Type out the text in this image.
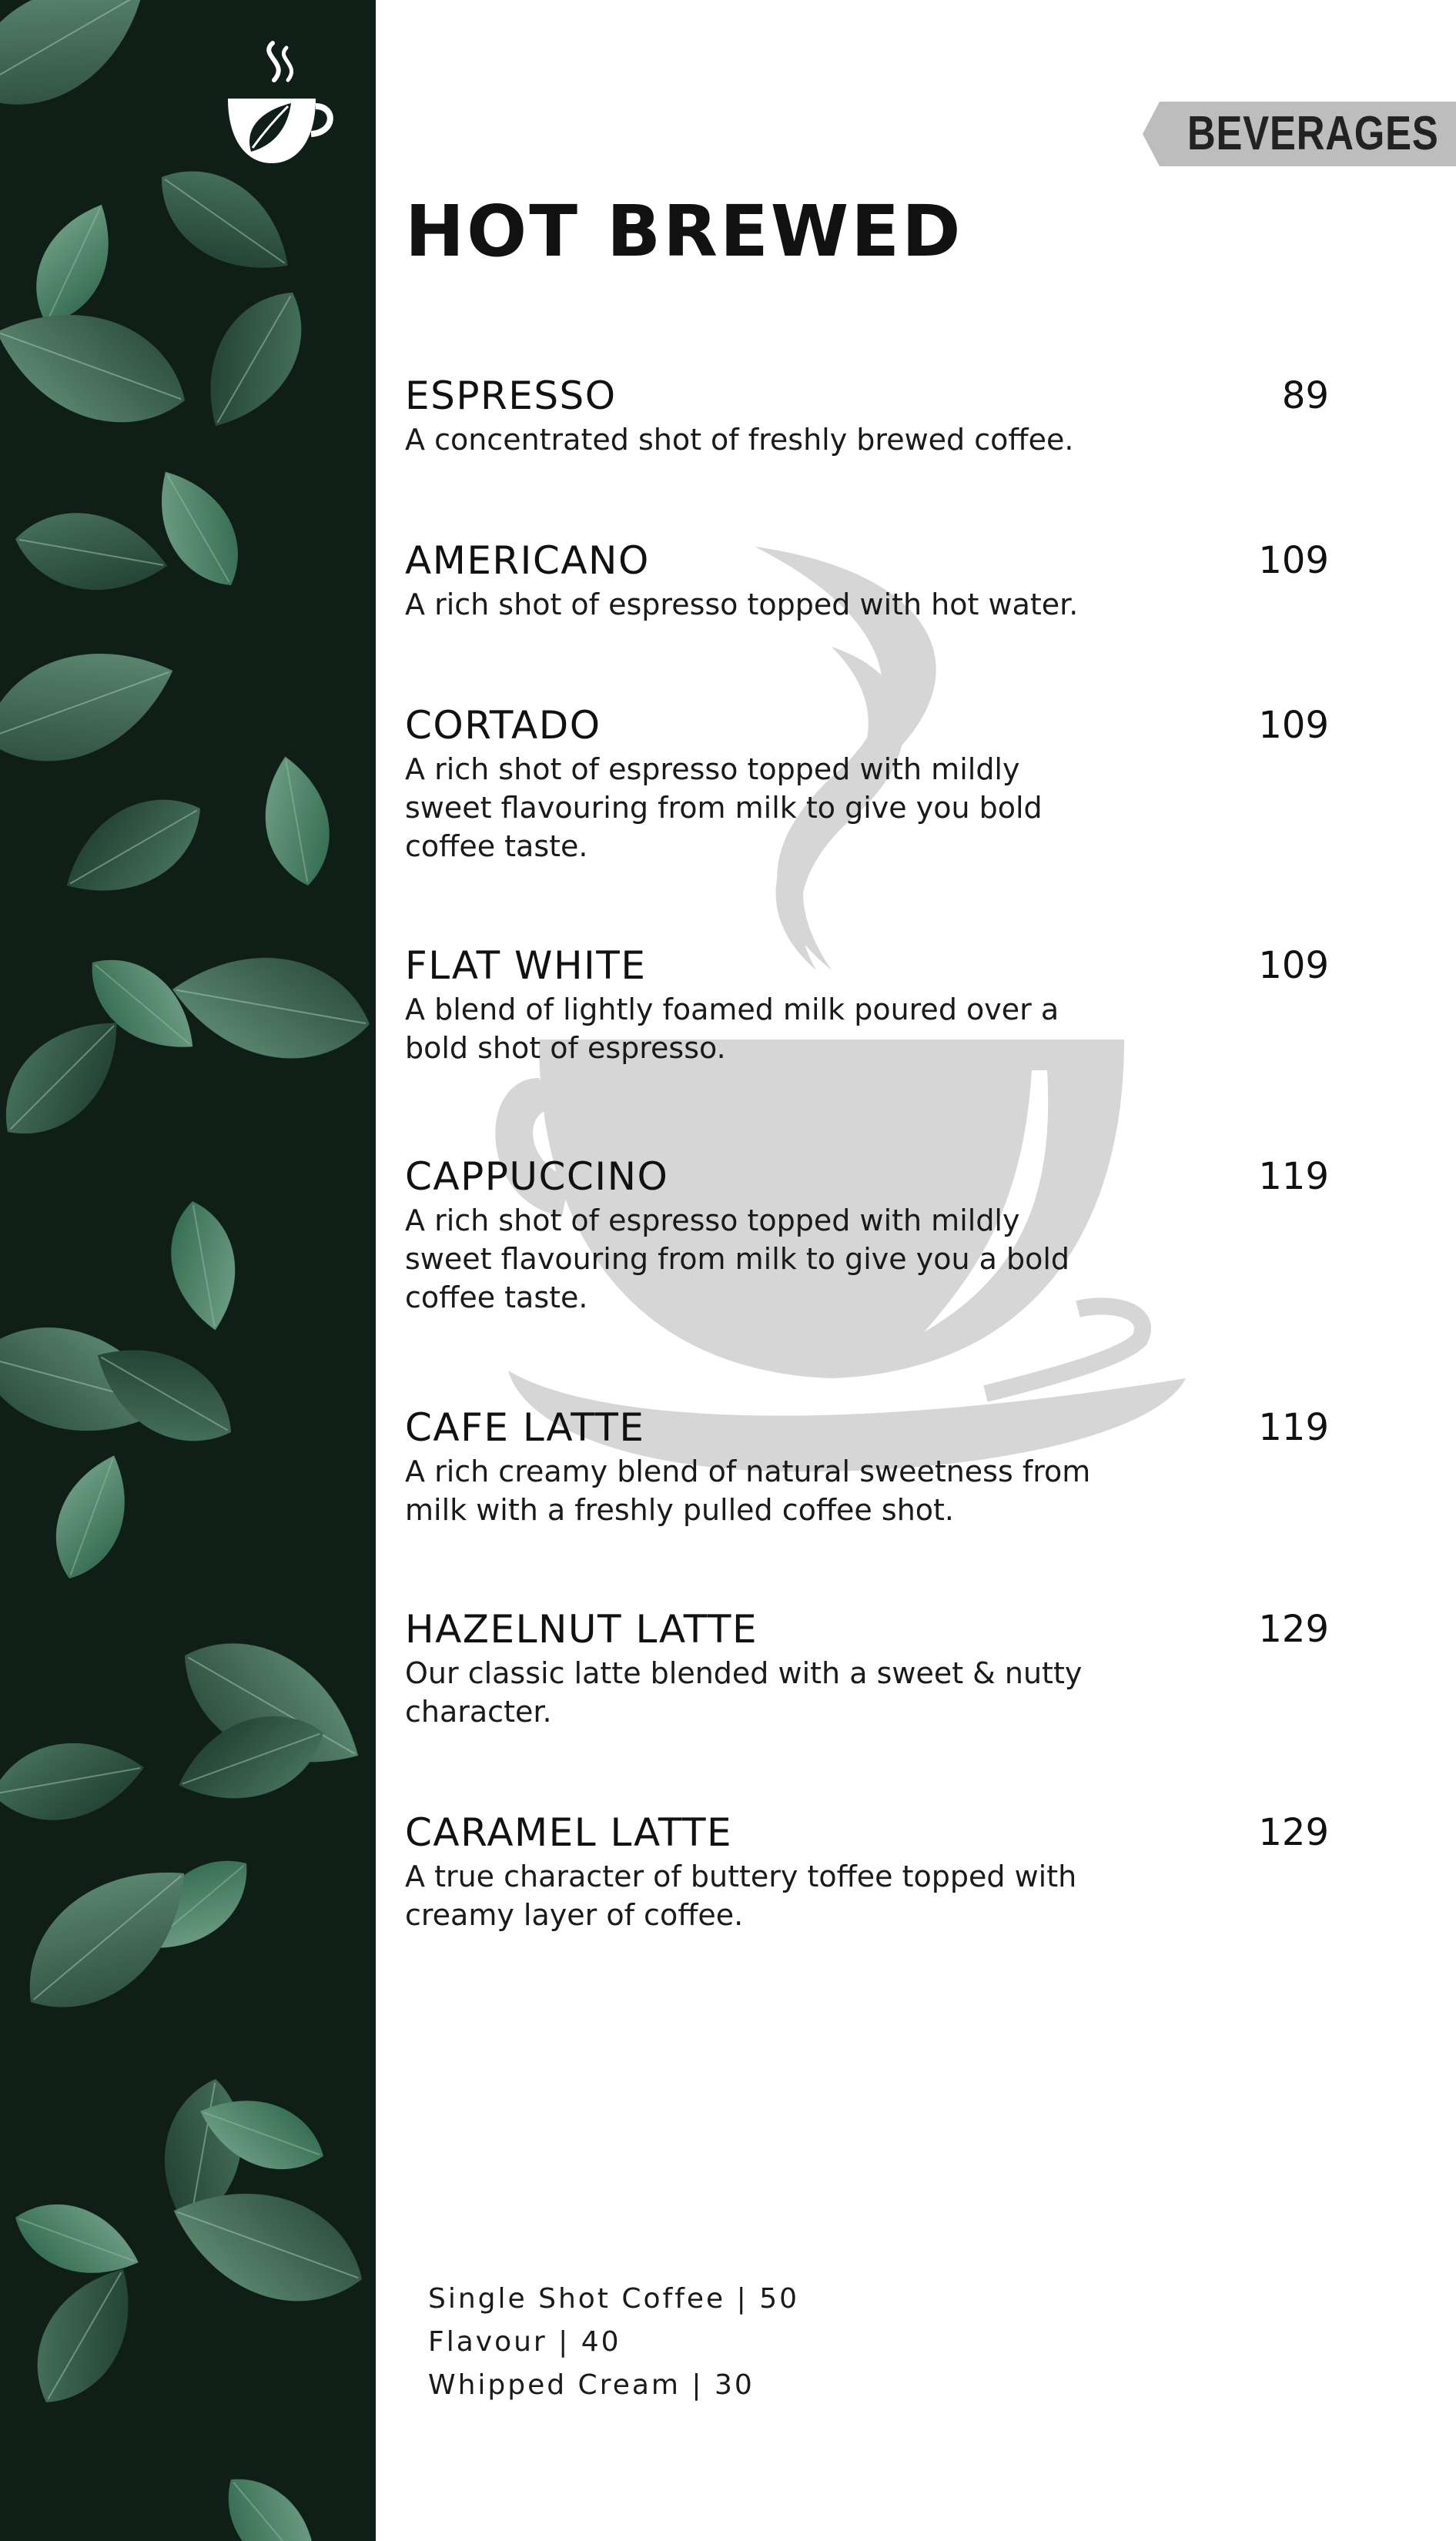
BEVERAGES
HOT BREWED
ESPRESSO
A concentrated shot of freshly brewed coffee.
89
AMERICANO
A rich shot of espresso topped with hot water.
109
CORTADO
A rich shot of espresso topped with mildly sweet flavouring from milk to give you bold coffee taste.
109
FLAT WHITE
A blend of lightly foamed milk poured over a bold shot of espresso.
109
CAPPUCCINO
A rich shot of espresso topped with mildly sweet flavouring from milk to give you a bold coffee taste.
119
CAFE LATTE
A rich creamy blend of natural sweetness from milk with a freshly pulled coffee shot.
119
HAZELNUT LATTE
Our classic latte blended with a sweet & nutty character.
129
CARAMEL LATTE
A true character of buttery toffee topped with creamy layer of coffee.
129
Single Shot Coffee | 50
Flavour | 40
Whipped Cream | 30
